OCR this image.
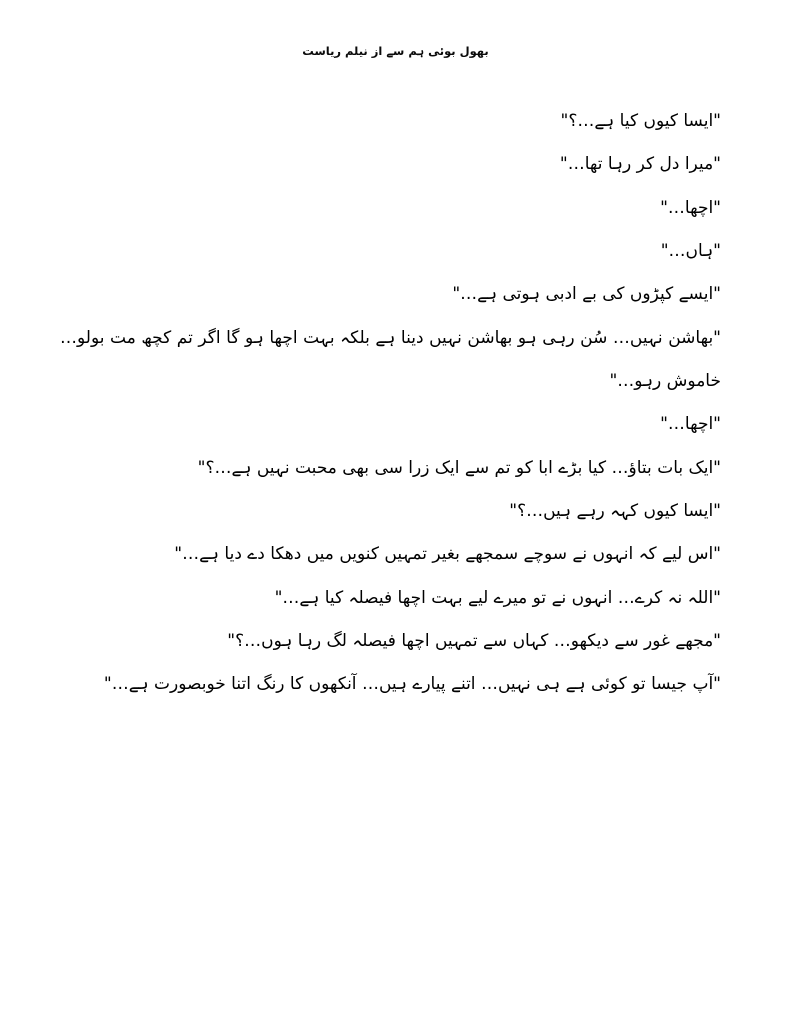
بھول بوئی ہم سے از نیلم ریاست

"ایسا کیوں کیا ہے…؟"

"میرا دل کر رہا تھا…"

"اچھا…"

"ہاں…"

"ایسے کپڑوں کی بے ادبی ہوتی ہے…"

"بھاشن نہیں… سُن رہی ہو بھاشن نہیں دینا ہے بلکہ بہت اچھا ہو گا اگر تم کچھ مت بولو… خاموش رہو…"

"اچھا…"

"ایک بات بتاؤ… کیا بڑے ابا کو تم سے ایک زرا سی بھی محبت نہیں ہے…؟"

"ایسا کیوں کہہ رہے ہیں…؟"

"اس لیے کہ انہوں نے سوچے سمجھے بغیر تمہیں کنویں میں دھکا دے دیا ہے…"

"اللہ نہ کرے… انہوں نے تو میرے لیے بہت اچھا فیصلہ کیا ہے…"

"مجھے غور سے دیکھو… کہاں سے تمہیں اچھا فیصلہ لگ رہا ہوں…؟"

"آپ جیسا تو کوئی ہے ہی نہیں… اتنے پیارے ہیں… آنکھوں کا رنگ اتنا خوبصورت ہے…"
